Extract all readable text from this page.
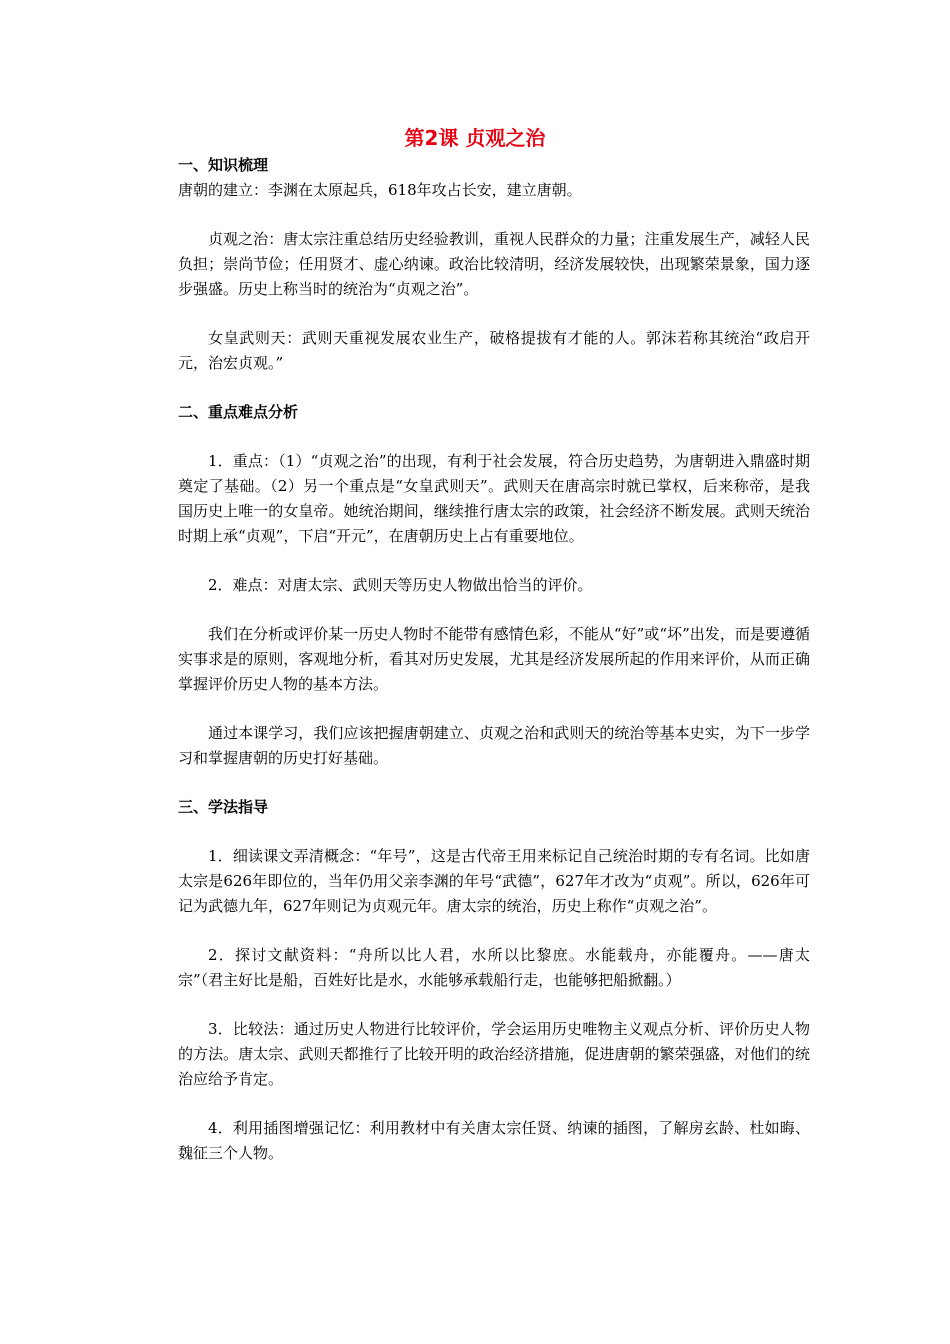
第2课 贞观之治
一、知识梳理

唐朝的建立：李渊在太原起兵，618年攻占长安，建立唐朝。

贞观之治：唐太宗注重总结历史经验教训，重视人民群众的力量；注重发展生产，减轻人民负担；崇尚节俭；任用贤才、虚心纳谏。政治比较清明，经济发展较快，出现繁荣景象，国力逐步强盛。历史上称当时的统治为“贞观之治”。

女皇武则天：武则天重视发展农业生产，破格提拔有才能的人。郭沫若称其统治“政启开元，治宏贞观。”

二、重点难点分析

1．重点：（1）“贞观之治”的出现，有利于社会发展，符合历史趋势，为唐朝进入鼎盛时期奠定了基础。（2）另一个重点是“女皇武则天”。武则天在唐高宗时就已掌权，后来称帝，是我国历史上唯一的女皇帝。她统治期间，继续推行唐太宗的政策，社会经济不断发展。武则天统治时期上承“贞观”，下启“开元”，在唐朝历史上占有重要地位。

2．难点：对唐太宗、武则天等历史人物做出恰当的评价。

我们在分析或评价某一历史人物时不能带有感情色彩，不能从“好”或“坏”出发，而是要遵循实事求是的原则，客观地分析，看其对历史发展，尤其是经济发展所起的作用来评价，从而正确掌握评价历史人物的基本方法。

通过本课学习，我们应该把握唐朝建立、贞观之治和武则天的统治等基本史实，为下一步学习和掌握唐朝的历史打好基础。

三、学法指导

1．细读课文弄清概念：“年号”，这是古代帝王用来标记自己统治时期的专有名词。比如唐太宗是626年即位的，当年仍用父亲李渊的年号“武德”，627年才改为“贞观”。所以，626年可记为武德九年，627年则记为贞观元年。唐太宗的统治，历史上称作“贞观之治”。

2．探讨文献资料：“舟所以比人君，水所以比黎庶。水能载舟，亦能覆舟。——唐太宗”（君主好比是船，百姓好比是水，水能够承载船行走，也能够把船掀翻。）

3．比较法：通过历史人物进行比较评价，学会运用历史唯物主义观点分析、评价历史人物的方法。唐太宗、武则天都推行了比较开明的政治经济措施，促进唐朝的繁荣强盛，对他们的统治应给予肯定。

4．利用插图增强记忆：利用教材中有关唐太宗任贤、纳谏的插图，了解房玄龄、杜如晦、魏征三个人物。
